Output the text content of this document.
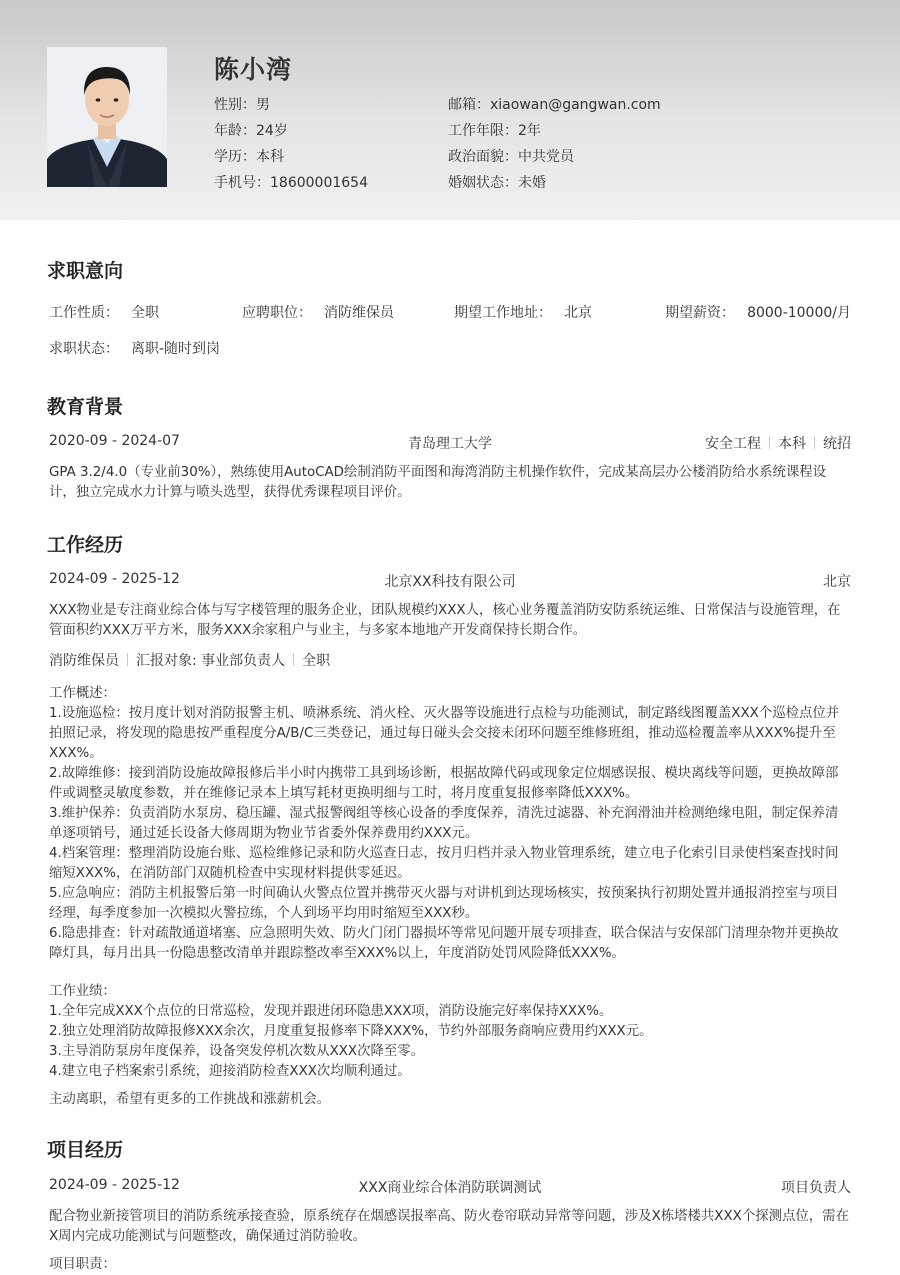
陈小湾
性别：男
年龄：24岁
学历：本科
手机号：18600001654
邮箱：xiaowan@gangwan.com
工作年限：2年
政治面貌：中共党员
婚姻状态：未婚
求职意向
工作性质： 全职	应聘职位： 消防维保员	期望工作地址： 北京	期望薪资： 8000-10000/月
求职状态： 离职-随时到岗
教育背景
2020-09 - 2024-07	青岛理工大学	安全工程 本科 统招

GPA 3.2/4.0（专业前30%），熟练使用AutoCAD绘制消防平面图和海湾消防主机操作软件，完成某高层办公楼消防给水系统课程设计，独立完成水力计算与喷头选型，获得优秀课程项目评价。

工作经历
2024-09 - 2025-12	北京XX科技有限公司	北京

XXX物业是专注商业综合体与写字楼管理的服务企业，团队规模约XXX人，核心业务覆盖消防安防系统运维、日常保洁与设施管理，在管面积约XXX万平方米，服务XXX余家租户与业主，与多家本地地产开发商保持长期合作。

消防维保员 汇报对象: 事业部负责人 全职

工作概述：

1.设施巡检：按月度计划对消防报警主机、喷淋系统、消火栓、灭火器等设施进行点检与功能测试，制定路线图覆盖XXX个巡检点位并拍照记录，将发现的隐患按严重程度分A/B/C三类登记，通过每日碰头会交接未闭环问题至维修班组，推动巡检覆盖率从XXX%提升至XXX%。

2.故障维修：接到消防设施故障报修后半小时内携带工具到场诊断，根据故障代码或现象定位烟感误报、模块离线等问题，更换故障部件或调整灵敏度参数，并在维修记录本上填写耗材更换明细与工时，将月度重复报修率降低XXX%。

3.维护保养：负责消防水泵房、稳压罐、湿式报警阀组等核心设备的季度保养，清洗过滤器、补充润滑油并检测绝缘电阻，制定保养清单逐项销号，通过延长设备大修周期为物业节省委外保养费用约XXX元。

4.档案管理：整理消防设施台账、巡检维修记录和防火巡查日志，按月归档并录入物业管理系统，建立电子化索引目录使档案查找时间缩短XXX%，在消防部门双随机检查中实现材料提供零延迟。

5.应急响应：消防主机报警后第一时间确认火警点位置并携带灭火器与对讲机到达现场核实，按预案执行初期处置并通报消控室与项目经理，每季度参加一次模拟火警拉练，个人到场平均用时缩短至XXX秒。

6.隐患排查：针对疏散通道堵塞、应急照明失效、防火门闭门器损坏等常见问题开展专项排查，联合保洁与安保部门清理杂物并更换故障灯具，每月出具一份隐患整改清单并跟踪整改率至XXX%以上，年度消防处罚风险降低XXX%。

工作业绩：

1.全年完成XXX个点位的日常巡检，发现并跟进闭环隐患XXX项，消防设施完好率保持XXX%。

2.独立处理消防故障报修XXX余次，月度重复报修率下降XXX%，节约外部服务商响应费用约XXX元。

3.主导消防泵房年度保养，设备突发停机次数从XXX次降至零。

4.建立电子档案索引系统，迎接消防检查XXX次均顺利通过。

主动离职，希望有更多的工作挑战和涨薪机会。

项目经历
2024-09 - 2025-12	XXX商业综合体消防联调测试	项目负责人

配合物业新接管项目的消防系统承接查验，原系统存在烟感误报率高、防火卷帘联动异常等问题，涉及X栋塔楼共XXX个探测点位，需在X周内完成功能测试与问题整改，确保通过消防验收。

项目职责：
